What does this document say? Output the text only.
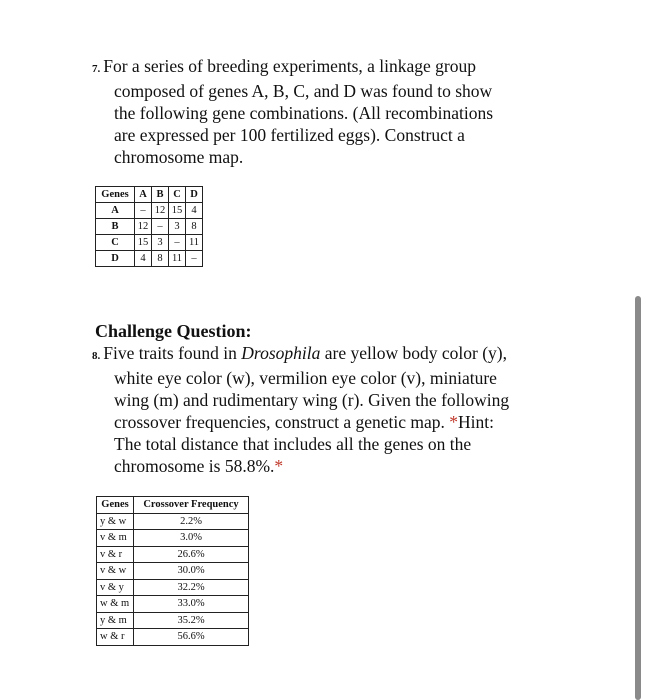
7. For a series of breeding experiments, a linkage group
composed of genes A, B, C, and D was found to show
the following gene combinations. (All recombinations
are expressed per 100 fertilized eggs). Construct a
chromosome map.
Genes	A	B	C	D
A	–	12	15	4
B	12	–	3	8
C	15	3	–	11
D	4	8	11	–
Challenge Question:
8. Five traits found in Drosophila are yellow body color (y),
white eye color (w), vermilion eye color (v), miniature
wing (m) and rudimentary wing (r). Given the following
crossover frequencies, construct a genetic map. *Hint:
The total distance that includes all the genes on the
chromosome is 58.8%.*
Genes	Crossover Frequency
y & w	2.2%
v & m	3.0%
v & r	26.6%
v & w	30.0%
v & y	32.2%
w & m	33.0%
y & m	35.2%
w & r	56.6%
